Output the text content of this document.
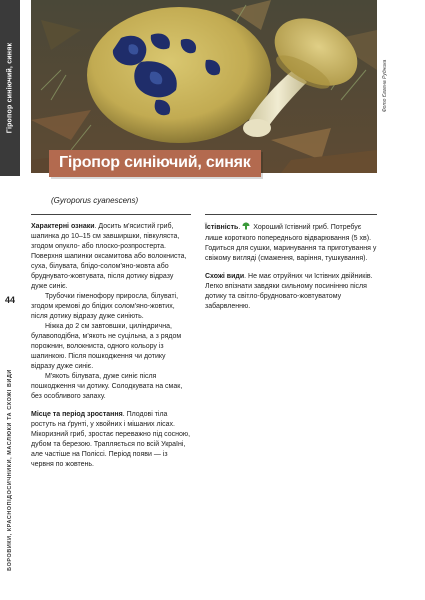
Гіропор синіючий, синяк
44
БОРОВИКИ, КРАСНОПІДОСИЧНИКИ, МАСЛЮКИ ТА СХОЖІ ВИДИ
Фото Євгена Рудника
Гіропор синіючий, синяк
(Gyroporus cyanescens)

Характерні ознаки. Досить м'ясистий гриб, шапинка до 10–15 см завширшки, півкуляста, згодом опукло- або плоско-розпростерта. Поверхня шапинки оксамитова або волокниста, суха, білувата, блідо-солом'яно-жовта або бруднувато-жовтувата, після дотику відразу дуже синіє.

Трубочки гіменофору приросла, білуваті, згодом кремові до блідих солом'яно-жовтих, після дотику відразу дуже синіють.

Ніжка до 2 см завтовшки, циліндрична, булавоподібна, м'якоть не суцільна, а з рядом порожнин, волокниста, одного кольору із шапинкою. Після пошкодження чи дотику відразу дуже синіє.

М'якоть білувата, дуже синіє після пошкодження чи дотику. Солодкувата на смак, без особливого запаху.

Місце та період зростання. Плодові тіла ростуть на ґрунті, у хвойних і мішаних лісах. Мікоризний гриб, зростає переважно під сосною, дубом та березою. Трапляється по всій Україні, але частіше на Поліссі. Період появи — із червня по жовтень.

Їстівність. Хороший їстівний гриб. Потребує лише короткого попереднього відварювання (5 хв). Годиться для сушки, маринування та приготування у свіжому вигляді (смаження, варіння, тушкування).

Схожі види. Не має отруйних чи їстівних двійників. Легко впізнати завдяки сильному посинінню після дотику та світло-брудновато-жовтуватому забарвленню.
